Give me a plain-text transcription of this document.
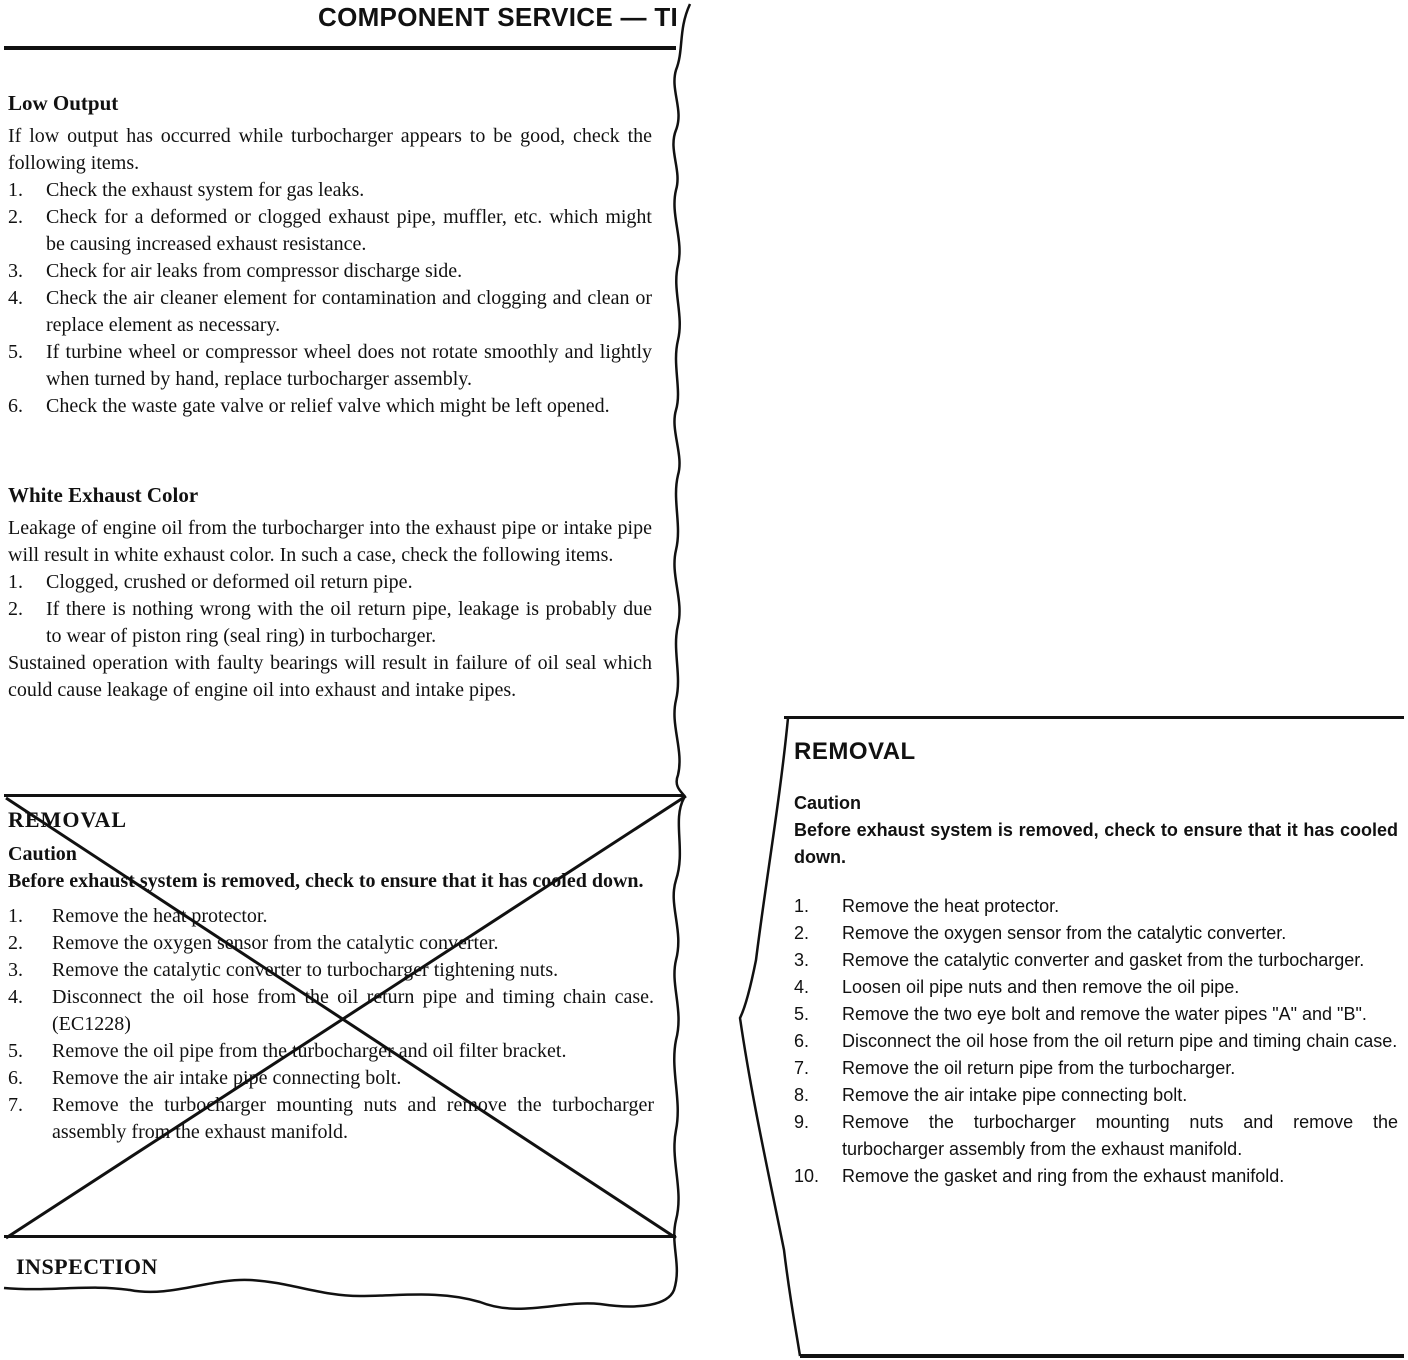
COMPONENT SERVICE — TI
Low Output
If low output has occurred while turbocharger appears to be good, check the following items.
1.	Check the exhaust system for gas leaks.
2.	Check for a deformed or clogged exhaust pipe, muffler, etc. which might be causing increased exhaust resistance.
3.	Check for air leaks from compressor discharge side.
4.	Check the air cleaner element for contamination and clogging and clean or replace element as necessary.
5.	If turbine wheel or compressor wheel does not rotate smoothly and lightly when turned by hand, replace turbocharger assembly.
6.	Check the waste gate valve or relief valve which might be left opened.
White Exhaust Color
Leakage of engine oil from the turbocharger into the exhaust pipe or intake pipe will result in white exhaust color. In such a case, check the following items.
1.	Clogged, crushed or deformed oil return pipe.
2.	If there is nothing wrong with the oil return pipe, leakage is probably due to wear of piston ring (seal ring) in turbocharger.
Sustained operation with faulty bearings will result in failure of oil seal which could cause leakage of engine oil into exhaust and intake pipes.
REMOVAL
Caution
Before exhaust system is removed, check to ensure that it has cooled down.
1.	Remove the heat protector.
2.	Remove the oxygen sensor from the catalytic converter.
3.	Remove the catalytic converter to turbocharger tightening nuts.
4.	Disconnect the oil hose from the oil return pipe and timing chain case. (EC1228)
5.	Remove the oil pipe from the turbocharger and oil filter bracket.
6.	Remove the air intake pipe connecting bolt.
7.	Remove the turbocharger mounting nuts and remove the turbocharger assembly from the exhaust manifold.
INSPECTION
REMOVAL
Caution
Before exhaust system is removed, check to ensure that it has cooled down.
1.	Remove the heat protector.
2.	Remove the oxygen sensor from the catalytic converter.
3.	Remove the catalytic converter and gasket from the turbocharger.
4.	Loosen oil pipe nuts and then remove the oil pipe.
5.	Remove the two eye bolt and remove the water pipes "A" and "B".
6.	Disconnect the oil hose from the oil return pipe and timing chain case.
7.	Remove the oil return pipe from the turbocharger.
8.	Remove the air intake pipe connecting bolt.
9.	Remove the turbocharger mounting nuts and remove the turbocharger assembly from the exhaust manifold.
10.	Remove the gasket and ring from the exhaust manifold.
